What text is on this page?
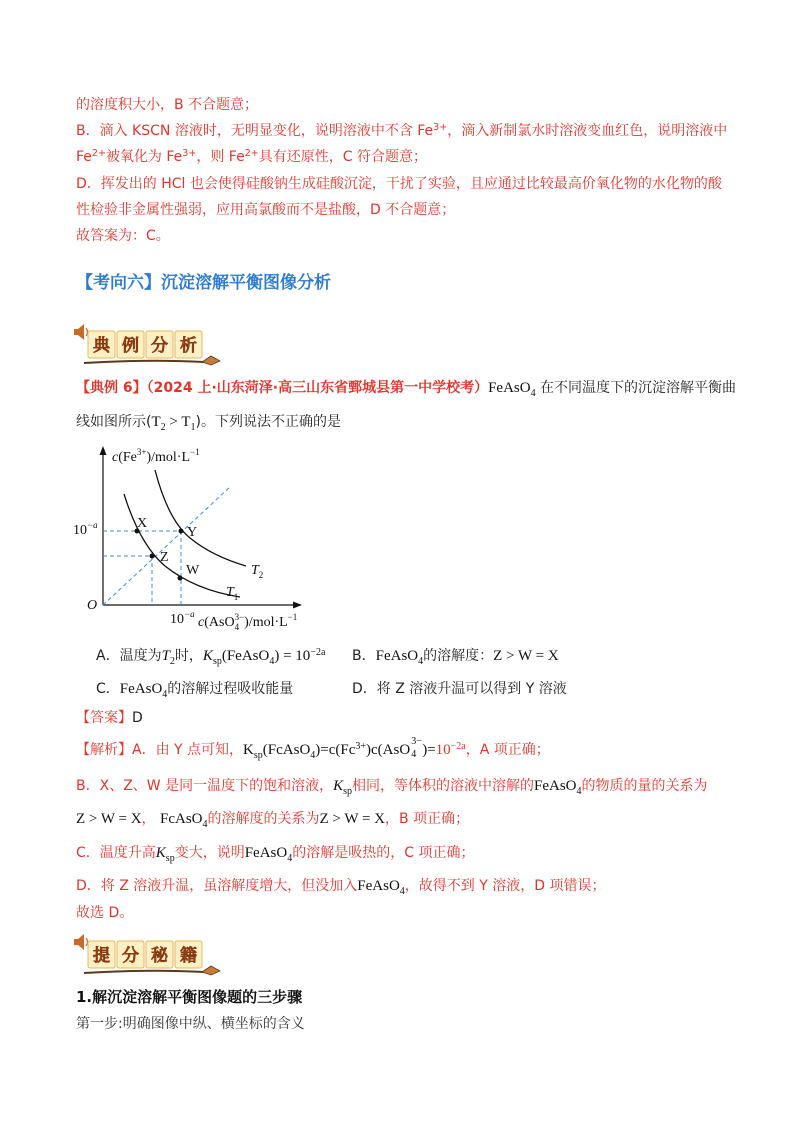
的溶度积大小，B 不合题意；
B．滴入 KSCN 溶液时，无明显变化，说明溶液中不含 $Fe^{3+}$，滴入新制氯水时溶液变血红色，说明溶液中
$Fe^{2+}$被氧化为 $Fe^{3+}$，则 $Fe^{2+}$具有还原性，C 符合题意；
D．挥发出的 HCl 也会使得硅酸钠生成硅酸沉淀，干扰了实验，且应通过比较最高价氧化物的水化物的酸
性检验非金属性强弱，应用高氯酸而不是盐酸，D 不合题意；
故答案为：C。
【考向六】沉淀溶解平衡图像分析
典 例 分 析
【典例 6】（2024 上·山东菏泽·高三山东省鄄城县第一中学校考）FeAsO$_4$ 在不同温度下的沉淀溶解平衡曲
线如图所示$(T_2 > T_1)$。下列说法不正确的是
$c(Fe^{3+})/mol\cdot L^{-1}$
$10^{-a}$
$10^{-a}$
$c(AsO_43-)/mol\cdot L^{-1}$
O
X
Y
Z
W	$T_2$
$T_1$
A．温度为$T_2$时，$K_{sp}(FeAsO_4) = 10^{-2a}$ B．FeAsO$_4$的溶解度：Z > W = X
C．FeAsO$_4$的溶解过程吸收能量	D．将 Z 溶液升温可以得到 Y 溶液
【答案】D
【解析】A．由 Y 点可知，$K_{sp}(FcAsO_4)=c(Fc^{3+})c(AsO$
3−
4 )$=10^{-2a}$，A 项正确；
B．X、Z、W 是同一温度下的饱和溶液，$K_{sp}$相同，等体积的溶液中溶解的FeAsO$_4$的物质的量的关系为
Z > W = X， FcAsO$_4$的溶解度的关系为Z > W = X，B 项正确；
C．温度升高$K_{sp}$变大，说明FeAsO$_4$的溶解是吸热的，C 项正确；
D．将 Z 溶液升温，虽溶解度增大，但没加入FeAsO$_4$，故得不到 Y 溶液，D 项错误；
故选 D。
提 分 秘 籍
1.解沉淀溶解平衡图像题的三步骤
第一步:明确图像中纵、横坐标的含义
